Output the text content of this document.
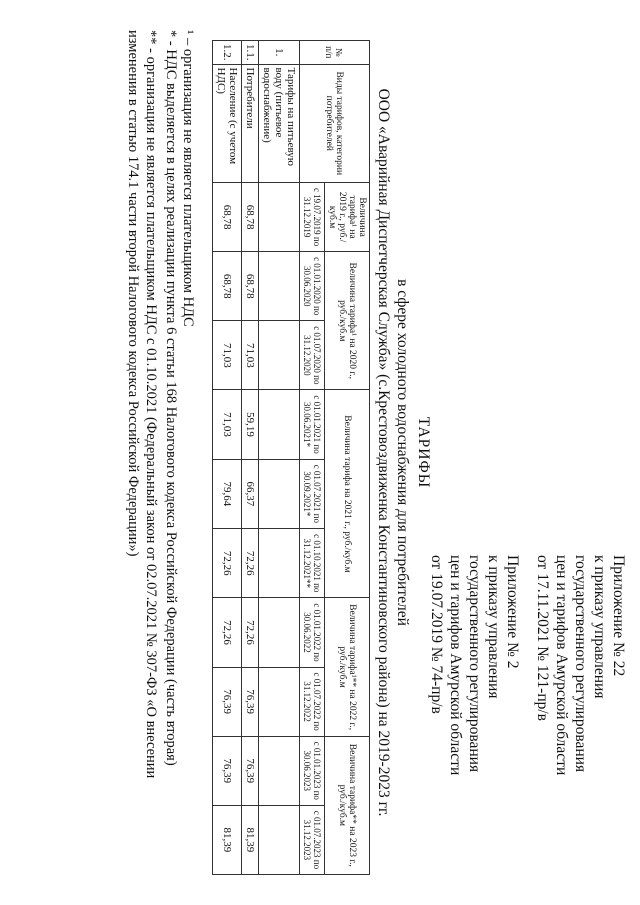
Приложение № 22
к приказу управления
государственного регулирования
цен и тарифов Амурской области
от 17.11.2021 № 121-пр/в
Приложение № 2
к приказу управления
государственного регулирования
цен и тарифов Амурской области
от 19.07.2019 № 74-пр/в
ТАРИФЫ
в сфере холодного водоснабжения для потребителей
ООО «Аварийная Диспетчерская Служба» (с.Крестовоздвиженка Константиновского района) на 2019-2023 гг.
№ п/п	Виды тарифов, категории потребителей	Величина тарифа¹ на 2019 г., руб./куб.м	Величина тарифа¹ на 2020 г., руб./куб.м		Величина тарифа на 2021 г., руб./куб.м			Величина тарифа¹** на 2022 г., руб./куб.м		Величина тарифа** на 2023 г., руб./куб.м	
		с 19.07.2019 по 31.12.2019	с 01.01.2020 по 30.06.2020	с 01.07.2020 по 31.12.2020	с 01.01.2021 по 30.06.2021*	с 01.07.2021 по 30.09.2021*	с 01.10.2021 по 31.12.2021**	с 01.01.2022 по 30.06.2022	с 01.07.2022 по 31.12.2022	с 01.01.2023 по 30.06.2023	с 01.07.2023 по 31.12.2023
1.	Тарифы на питьевую воду (питьевое водоснабжение)										
1.1.	Потребители	68,78	68,78	71,03	59,19	66,37	72,26	72,26	76,39	76,39	81,39
1.2.	Население (с учетом НДС)	68,78	68,78	71,03	71,03	79,64	72,26	72,26	76,39	76,39	81,39
¹ – организация не является плательщиком НДС
* - НДС выделяется в целях реализации пункта 6 статьи 168 Налогового кодекса Российской Федерации (часть вторая)
** - организация не является плательщиком НДС с 01.10.2021 (Федеральный закон от 02.07.2021 № 307-ФЗ «О внесении
изменения в статью 174.1 части второй Налогового кодекса Российской Федерации»)
